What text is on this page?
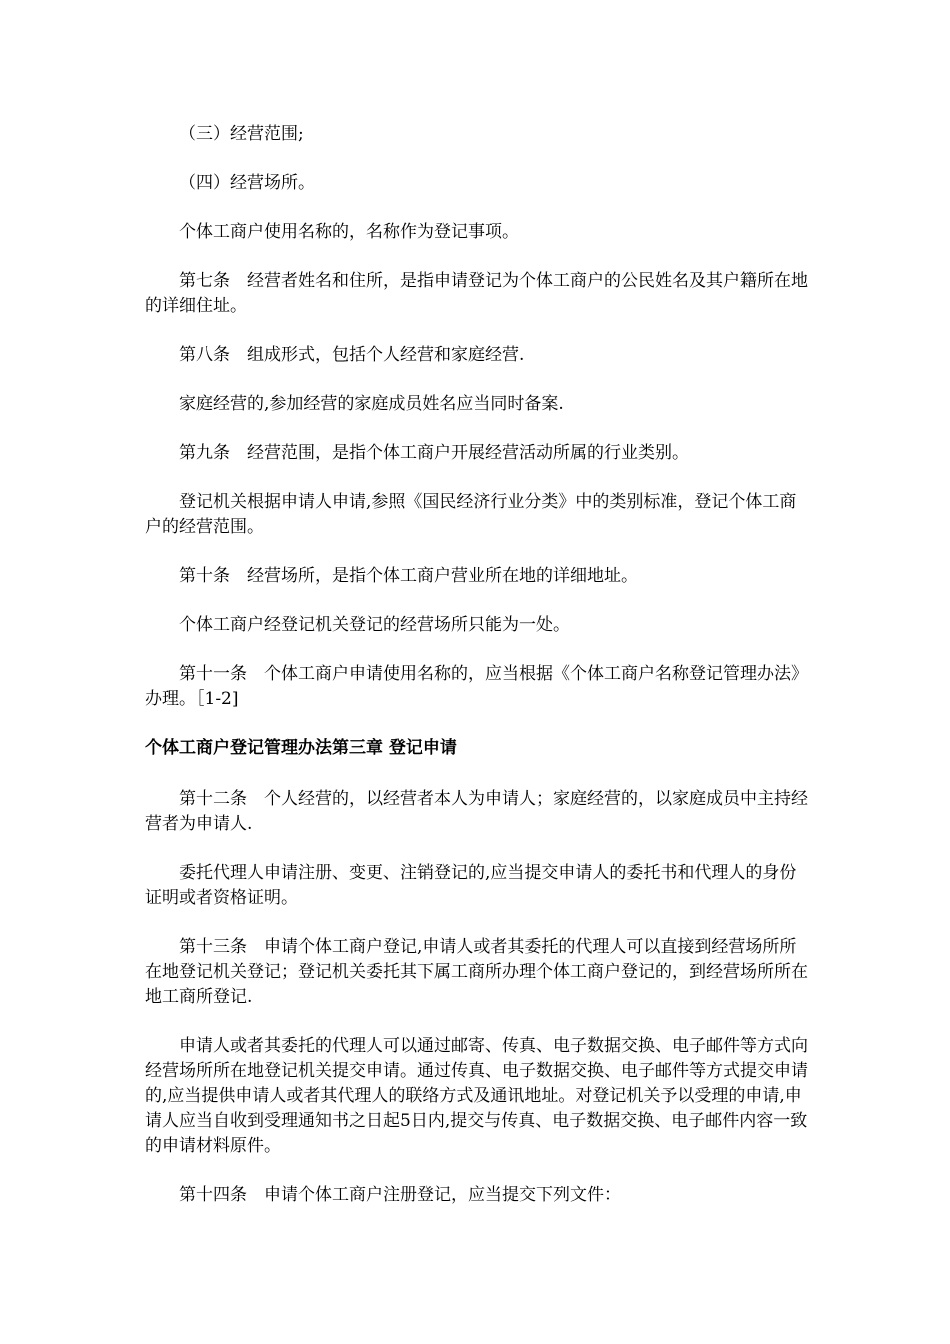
（三）经营范围;

（四）经营场所。

个体工商户使用名称的，名称作为登记事项。

第七条　经营者姓名和住所，是指申请登记为个体工商户的公民姓名及其户籍所在地的详细住址。

第八条　组成形式，包括个人经营和家庭经营.

家庭经营的,参加经营的家庭成员姓名应当同时备案.

第九条　经营范围，是指个体工商户开展经营活动所属的行业类别。

登记机关根据申请人申请,参照《国民经济行业分类》中的类别标准，登记个体工商户的经营范围。

第十条　经营场所，是指个体工商户营业所在地的详细地址。

个体工商户经登记机关登记的经营场所只能为一处。

第十一条　个体工商户申请使用名称的，应当根据《个体工商户名称登记管理办法》办理。［1-2]

个体工商户登记管理办法第三章 登记申请

第十二条　个人经营的，以经营者本人为申请人；家庭经营的，以家庭成员中主持经营者为申请人.

委托代理人申请注册、变更、注销登记的,应当提交申请人的委托书和代理人的身份证明或者资格证明。

第十三条　申请个体工商户登记,申请人或者其委托的代理人可以直接到经营场所所在地登记机关登记；登记机关委托其下属工商所办理个体工商户登记的，到经营场所所在地工商所登记.

申请人或者其委托的代理人可以通过邮寄、传真、电子数据交换、电子邮件等方式向经营场所所在地登记机关提交申请。通过传真、电子数据交换、电子邮件等方式提交申请的,应当提供申请人或者其代理人的联络方式及通讯地址。对登记机关予以受理的申请,申请人应当自收到受理通知书之日起5日内,提交与传真、电子数据交换、电子邮件内容一致的申请材料原件。

第十四条　申请个体工商户注册登记，应当提交下列文件：
